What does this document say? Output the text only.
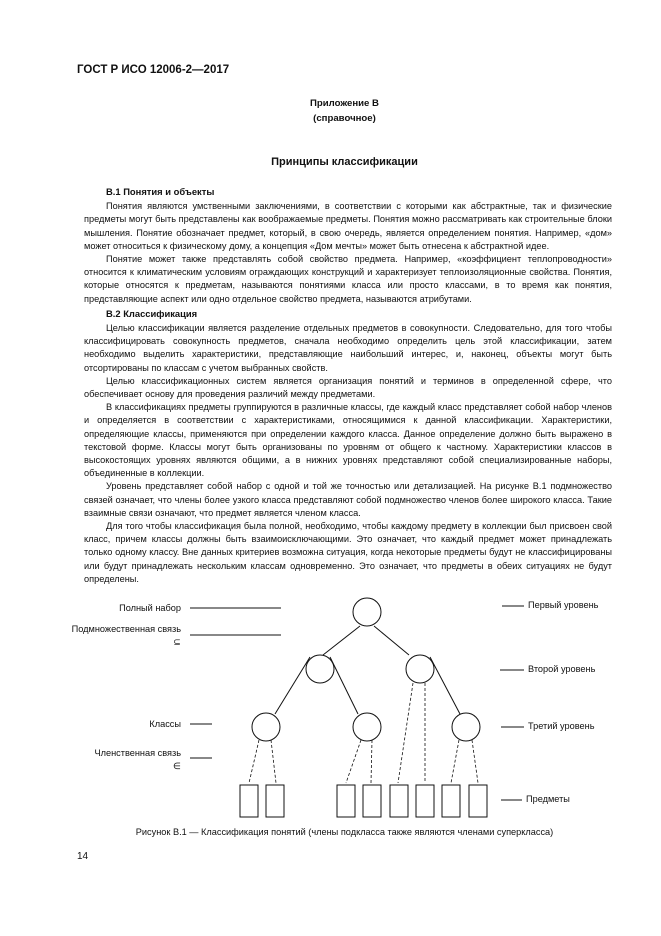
ГОСТ Р ИСО 12006-2—2017
Приложение В
(справочное)
Принципы классификации
В.1 Понятия и объекты

Понятия являются умственными заключениями, в соответствии с которыми как абстрактные, так и физические предметы могут быть представлены как воображаемые предметы. Понятия можно рассматривать как строительные блоки мышления. Понятие обозначает предмет, который, в свою очередь, является определением понятия. Например, «дом» может относиться к физическому дому, а концепция «Дом мечты» может быть отнесена к абстрактной идее.

Понятие может также представлять собой свойство предмета. Например, «коэффициент теплопроводности» относится к климатическим условиям ограждающих конструкций и характеризует теплоизоляционные свойства. Понятия, которые относятся к предметам, называются понятиями класса или просто классами, в то время как понятия, представляющие аспект или одно отдельное свойство предмета, называются атрибутами.

В.2 Классификация

Целью классификации является разделение отдельных предметов в совокупности. Следовательно, для того чтобы классифицировать совокупность предметов, сначала необходимо определить цель этой классификации, затем необходимо выделить характеристики, представляющие наибольший интерес, и, наконец, объекты могут быть отсортированы по классам с учетом выбранных свойств.

Целью классификационных систем является организация понятий и терминов в определенной сфере, что обеспечивает основу для проведения различий между предметами.

В классификациях предметы группируются в различные классы, где каждый класс представляет собой набор членов и определяется в соответствии с характеристиками, относящимися к данной классификации. Характеристики, определяющие классы, применяются при определении каждого класса. Данное определение должно быть выражено в текстовой форме. Классы могут быть организованы по уровням от общего к частному. Характеристики классов в высокостоящих уровнях являются общими, а в нижних уровнях представляют собой специализированные наборы, объединенные в коллекции.

Уровень представляет собой набор с одной и той же точностью или детализацией. На рисунке В.1 подмножество связей означает, что члены более узкого класса представляют собой подмножество членов более широкого класса. Такие взаимные связи означают, что предмет является членом класса.

Для того чтобы классификация была полной, необходимо, чтобы каждому предмету в коллекции был присвоен свой класс, причем классы должны быть взаимоисключающими. Это означает, что каждый предмет может принадлежать только одному классу. Вне данных критериев возможна ситуация, когда некоторые предметы будут не классифицированы или будут принадлежать нескольким классам одновременно. Это означает, что предметы в обеих ситуациях не будут определены.

Полный набор
Подмножественная связь
⊆
Классы
Членственная связь
∈
Первый уровень
Второй уровень
Третий уровень
Предметы
Рисунок В.1 — Классификация понятий (члены подкласса также являются членами суперкласса)
14
